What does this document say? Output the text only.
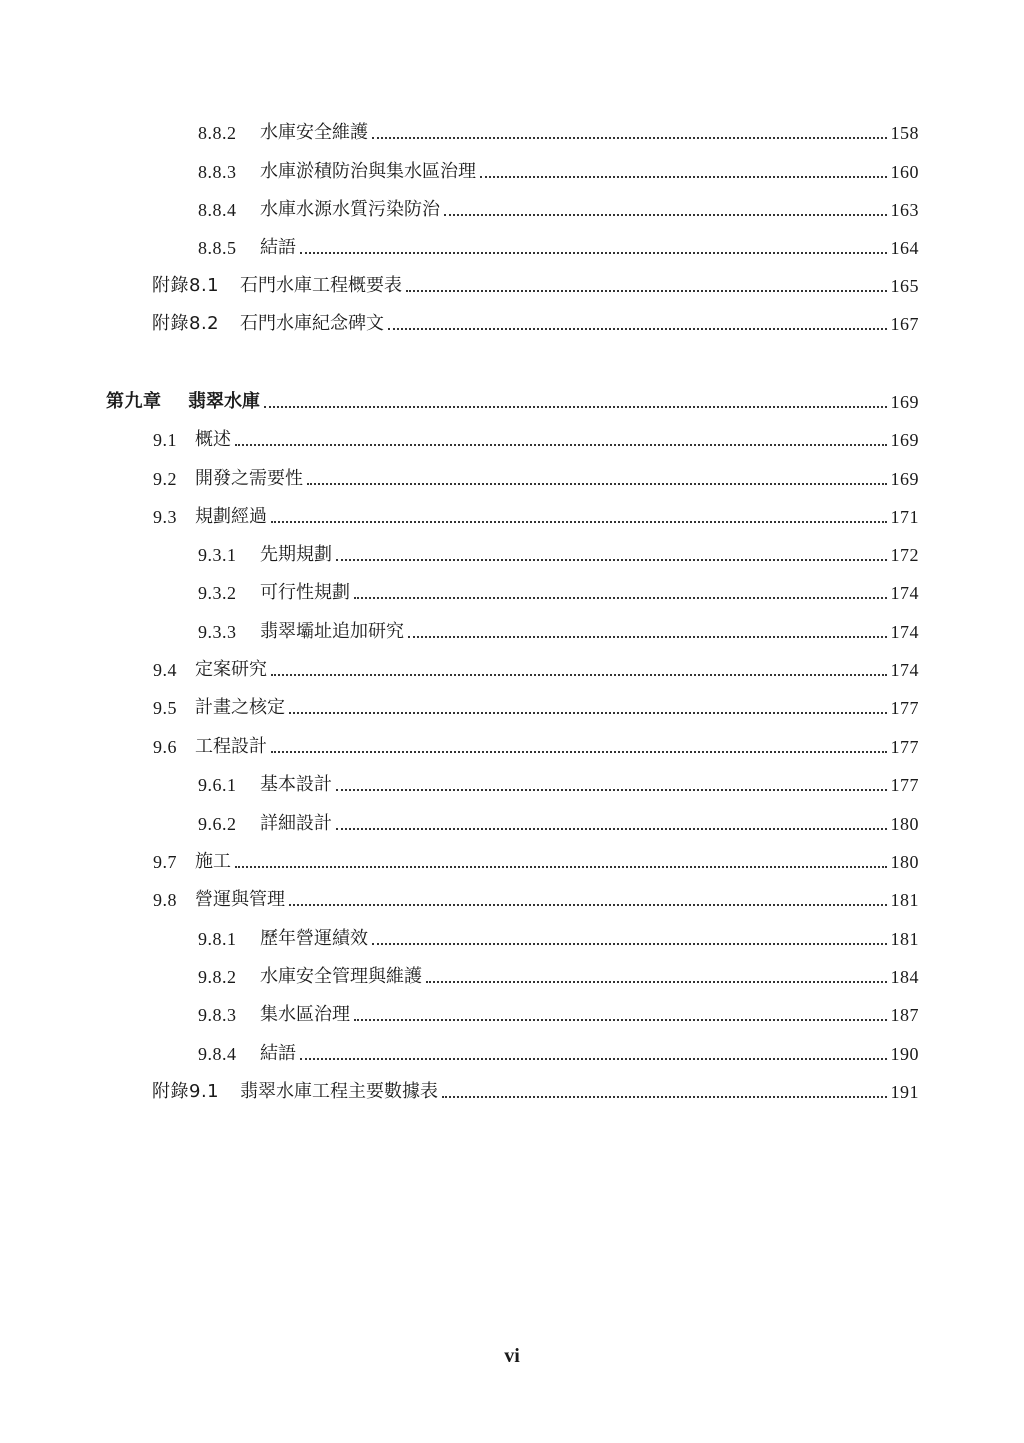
8.8.2	水庫安全維護	158
8.8.3	水庫淤積防治與集水區治理	160
8.8.4	水庫水源水質污染防治	163
8.8.5	結語	164
附錄8.1	石門水庫工程概要表	165
附錄8.2	石門水庫紀念碑文	167
第九章	翡翠水庫	169
9.1	概述	169
9.2	開發之需要性	169
9.3	規劃經過	171
9.3.1	先期規劃	172
9.3.2	可行性規劃	174
9.3.3	翡翠壩址追加研究	174
9.4	定案研究	174
9.5	計畫之核定	177
9.6	工程設計	177
9.6.1	基本設計	177
9.6.2	詳細設計	180
9.7	施工	180
9.8	營運與管理	181
9.8.1	歷年營運績效	181
9.8.2	水庫安全管理與維護	184
9.8.3	集水區治理	187
9.8.4	結語	190
附錄9.1	翡翠水庫工程主要數據表	191
vi
